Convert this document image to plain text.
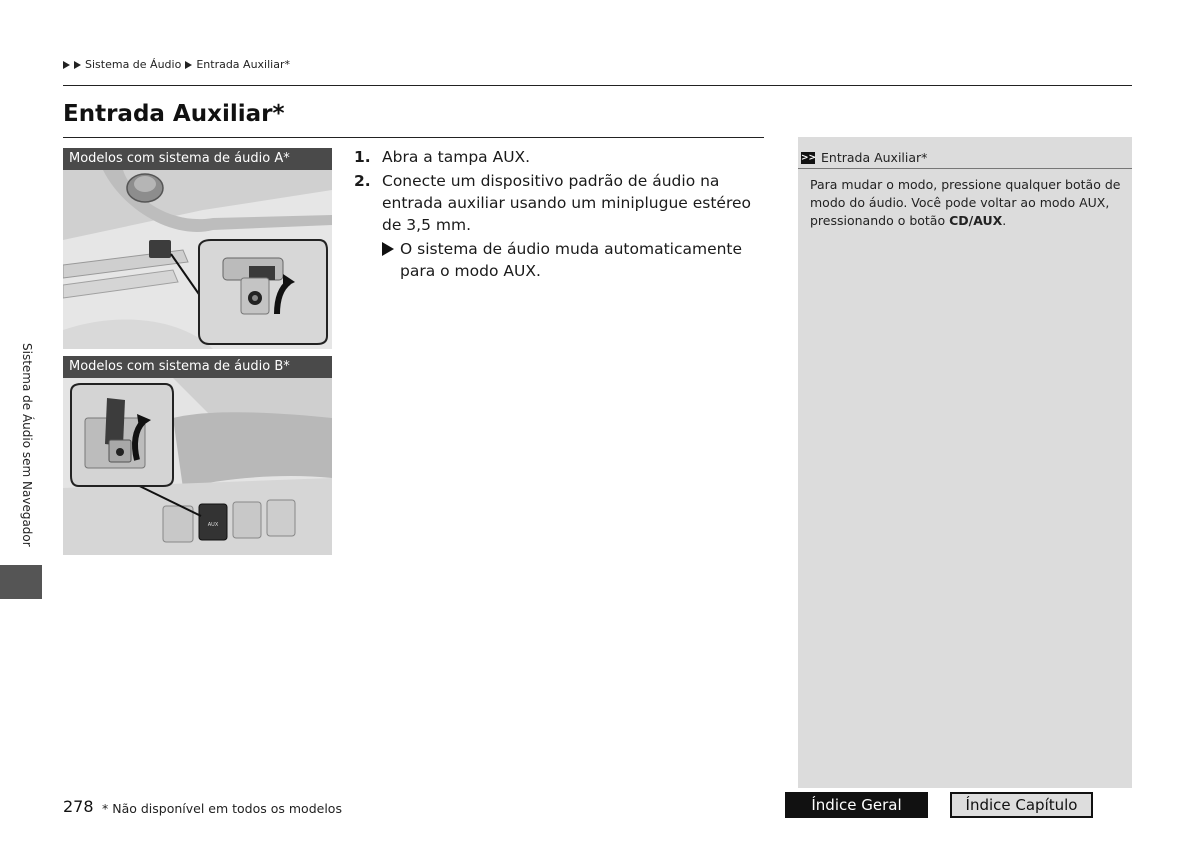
Sistema de Áudio Entrada Auxiliar*
Entrada Auxiliar*
Modelos com sistema de áudio A*
Modelos com sistema de áudio B*
AUX
1. Abra a tampa AUX.
2. Conecte um dispositivo padrão de áudio na entrada auxiliar usando um miniplugue estéreo de 3,5 mm.
O sistema de áudio muda automaticamente para o modo AUX.
>> Entrada Auxiliar*
Para mudar o modo, pressione qualquer botão de modo do áudio. Você pode voltar ao modo AUX, pressionando o botão CD/AUX.
Sistema de Áudio sem Navegador
278 * Não disponível em todos os modelos	Índice Geral	Índice Capítulo
